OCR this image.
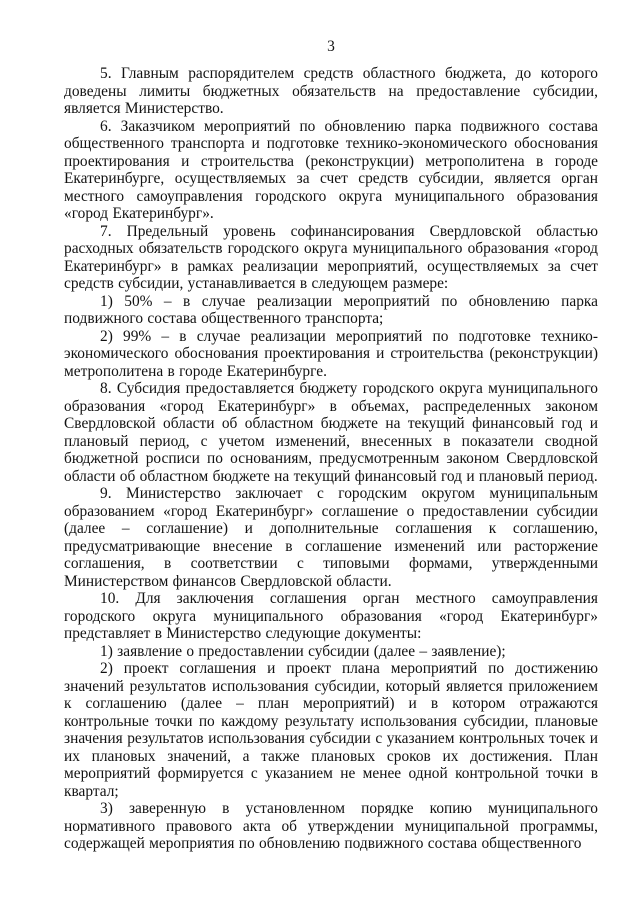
3

5. Главным распорядителем средств областного бюджета, до которого доведены лимиты бюджетных обязательств на предоставление субсидии, является Министерство.

6. Заказчиком мероприятий по обновлению парка подвижного состава общественного транспорта и подготовке технико-экономического обоснования проектирования и строительства (реконструкции) метрополитена в городе Екатеринбурге, осуществляемых за счет средств субсидии, является орган местного самоуправления городского округа муниципального образования «город Екатеринбург».

7. Предельный уровень софинансирования Свердловской областью расходных обязательств городского округа муниципального образования «город Екатеринбург» в рамках реализации мероприятий, осуществляемых за счет средств субсидии, устанавливается в следующем размере:

1) 50% – в случае реализации мероприятий по обновлению парка подвижного состава общественного транспорта;

2) 99% – в случае реализации мероприятий по подготовке технико-экономического обоснования проектирования и строительства (реконструкции) метрополитена в городе Екатеринбурге.

8. Субсидия предоставляется бюджету городского округа муниципального образования «город Екатеринбург» в объемах, распределенных законом Свердловской области об областном бюджете на текущий финансовый год и плановый период, с учетом изменений, внесенных в показатели сводной бюджетной росписи по основаниям, предусмотренным законом Свердловской области об областном бюджете на текущий финансовый год и плановый период.

9. Министерство заключает с городским округом муниципальным образованием «город Екатеринбург» соглашение о предоставлении субсидии (далее – соглашение) и дополнительные соглашения к соглашению, предусматривающие внесение в соглашение изменений или расторжение соглашения, в соответствии с типовыми формами, утвержденными Министерством финансов Свердловской области.

10. Для заключения соглашения орган местного самоуправления городского округа муниципального образования «город Екатеринбург» представляет в Министерство следующие документы:

1) заявление о предоставлении субсидии (далее – заявление);

2) проект соглашения и проект плана мероприятий по достижению значений результатов использования субсидии, который является приложением к соглашению (далее – план мероприятий) и в котором отражаются контрольные точки по каждому результату использования субсидии, плановые значения результатов использования субсидии с указанием контрольных точек и их плановых значений, а также плановых сроков их достижения. План мероприятий формируется с указанием не менее одной контрольной точки в квартал;

3) заверенную в установленном порядке копию муниципального нормативного правового акта об утверждении муниципальной программы, содержащей мероприятия по обновлению подвижного состава общественного
